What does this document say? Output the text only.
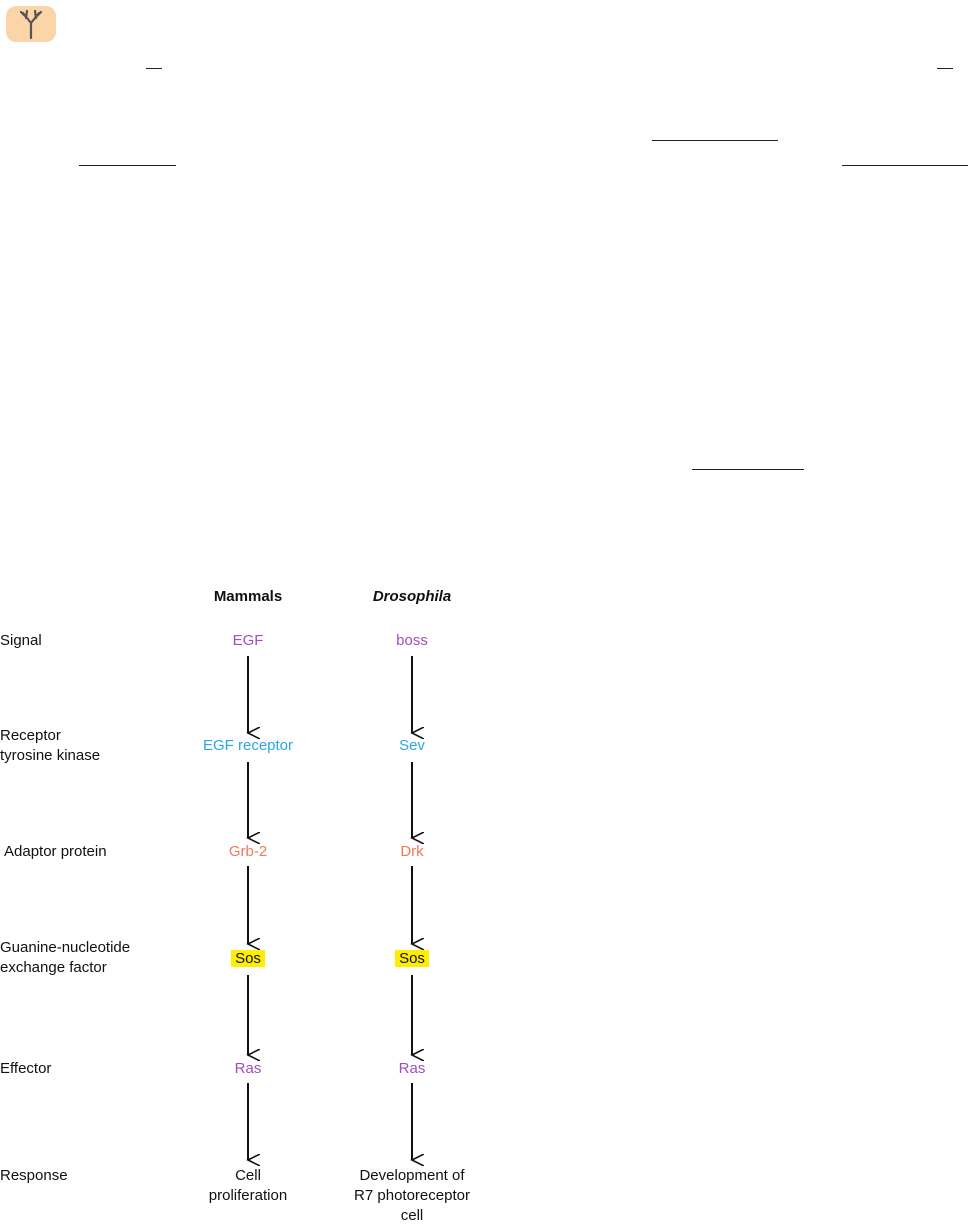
Mammals	Drosophila
Signal
Receptor
tyrosine kinase
Adaptor protein
Guanine-nucleotide
exchange factor
Effector
Response
EGF
EGF receptor
Grb-2
Sos
Ras
Cell
proliferation
boss
Sev
Drk
Sos
Ras
Development of
R7 photoreceptor
cell
